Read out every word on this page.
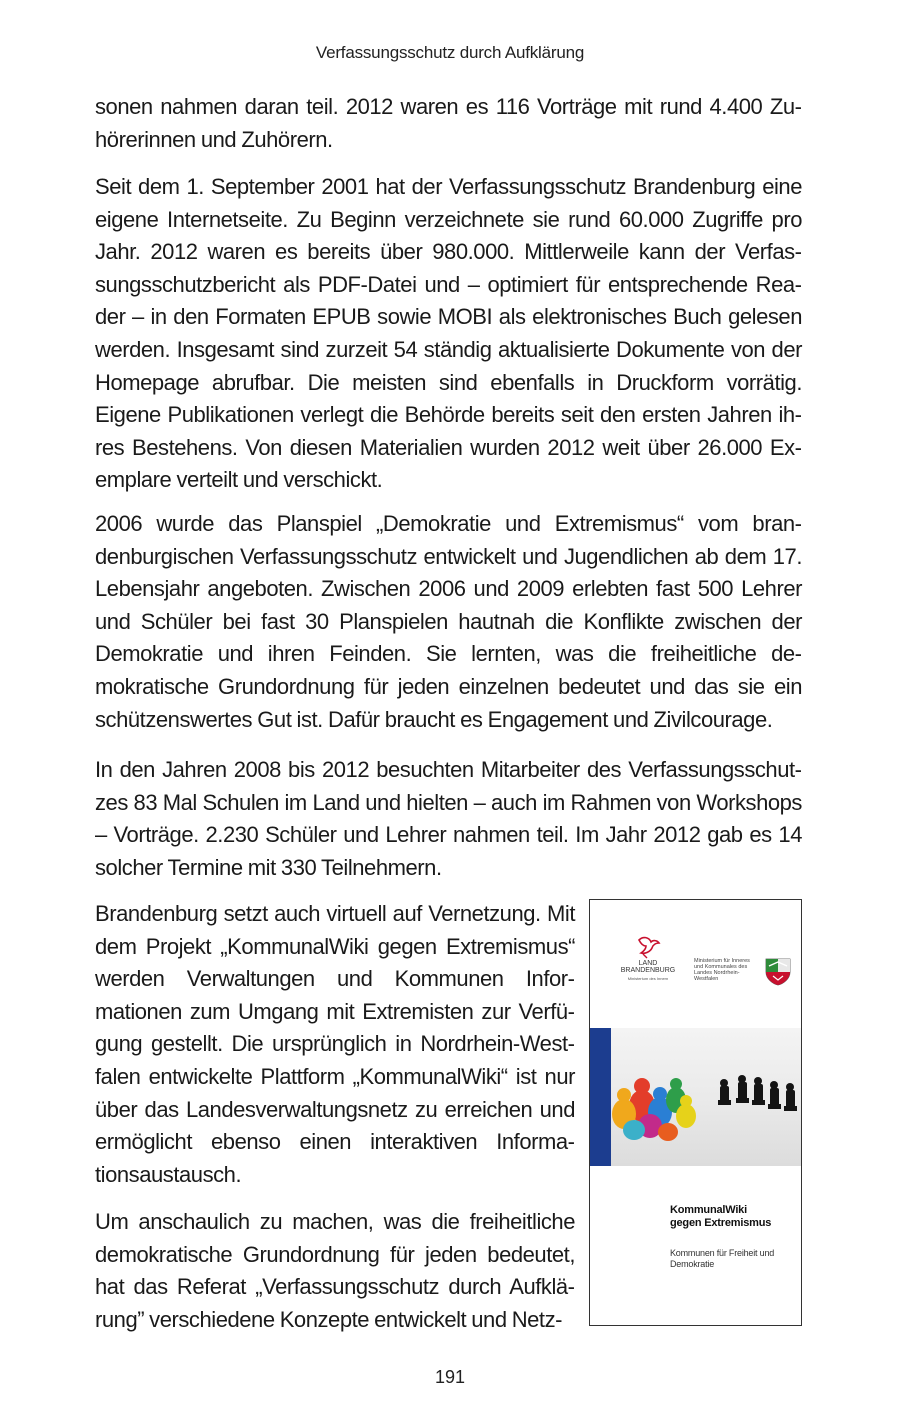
Verfassungsschutz durch Aufklärung

sonen nahmen daran teil. 2012 waren es 116 Vorträge mit rund 4.400 Zuhörerinnen und Zuhörern.

Seit dem 1. September 2001 hat der Verfassungsschutz Brandenburg eine eigene Internetseite. Zu Beginn verzeichnete sie rund 60.000 Zugriffe pro Jahr. 2012 waren es bereits über 980.000. Mittlerweile kann der Verfassungsschutzbericht als PDF-Datei und – optimiert für entsprechende Reader – in den Formaten EPUB sowie MOBI als elektronisches Buch gelesen werden. Insgesamt sind zurzeit 54 ständig aktualisierte Dokumente von der Homepage abrufbar. Die meisten sind ebenfalls in Druckform vorrätig. Eigene Publikationen verlegt die Behörde bereits seit den ersten Jahren ihres Bestehens. Von diesen Materialien wurden 2012 weit über 26.000 Exemplare verteilt und verschickt.

2006 wurde das Planspiel „Demokratie und Extremismus“ vom brandenburgischen Verfassungsschutz entwickelt und Jugendlichen ab dem 17. Lebensjahr angeboten. Zwischen 2006 und 2009 erlebten fast 500 Lehrer und Schüler bei fast 30 Planspielen hautnah die Konflikte zwischen der Demokratie und ihren Feinden. Sie lernten, was die freiheitliche demokratische Grundordnung für jeden einzelnen bedeutet und das sie ein schützenswertes Gut ist. Dafür braucht es Engagement und Zivilcourage.

In den Jahren 2008 bis 2012 besuchten Mitarbeiter des Verfassungsschutzes 83 Mal Schulen im Land und hielten – auch im Rahmen von Workshops – Vorträge. 2.230 Schüler und Lehrer nahmen teil. Im Jahr 2012 gab es 14 solcher Termine mit 330 Teilnehmern.

Brandenburg setzt auch virtuell auf Vernetzung. Mit dem Projekt „KommunalWiki gegen Extremismus“ werden Verwaltungen und Kommunen Informationen zum Umgang mit Extremisten zur Verfügung gestellt. Die ursprünglich in Nordrhein-Westfalen entwickelte Plattform „KommunalWiki“ ist nur über das Landesverwaltungsnetz zu erreichen und ermöglicht ebenso einen interaktiven Informationsaustausch.

Um anschaulich zu machen, was die freiheitliche demokratische Grundordnung für jeden bedeutet, hat das Referat „Verfassungsschutz durch Aufklärung” verschiedene Konzepte entwickelt und Netz-

LAND
BRANDENBURG
Ministerium des Innern
Ministerium für Inneres und Kommunales des Landes Nordrhein-Westfalen
KommunalWiki
gegen Extremismus
Kommunen für Freiheit und Demokratie
191
